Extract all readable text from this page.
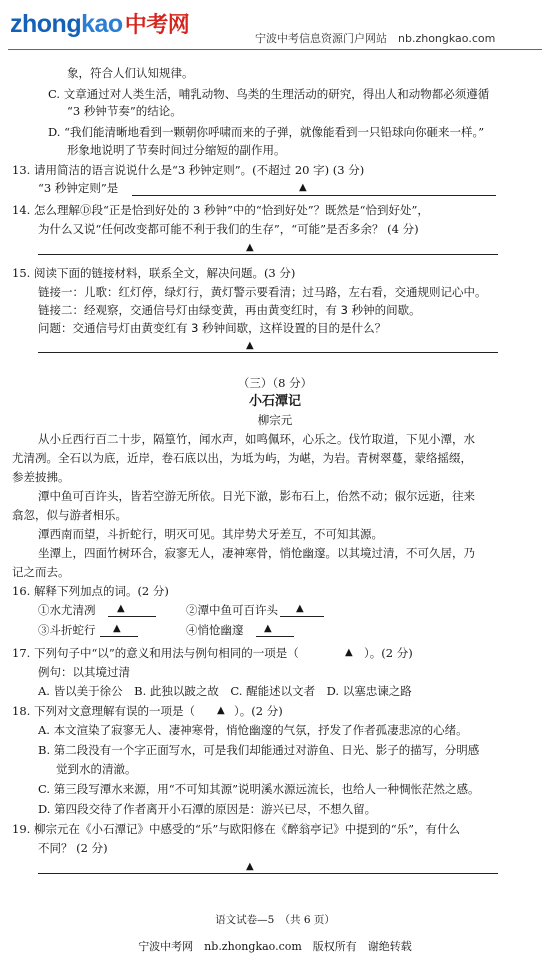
zhongkao中考网
宁波中考信息资源门户网站　nb.zhongkao.com
象，符合人们认知规律。
C. 文章通过对人类生活，哺乳动物、鸟类的生理活动的研究，得出人和动物都必须遵循
“3 秒钟节奏”的结论。
D. “我们能清晰地看到一颗朝你呼啸而来的子弹，就像能看到一只铅球向你砸来一样。”
形象地说明了节奏时间过分缩短的副作用。
13. 请用简洁的语言说说什么是“3 秒钟定则”。(不超过 20 字) (3 分)
“3 秒钟定则”是	▲
14. 怎么理解Ⓓ段“正是恰到好处的 3 秒钟”中的“恰到好处”？既然是“恰到好处”，
为什么又说“任何改变都可能不利于我们的生存”，“可能”是否多余？ (4 分)
▲
15. 阅读下面的链接材料，联系全文，解决问题。(3 分)
链接一：儿歌：红灯停，绿灯行，黄灯警示要看清；过马路，左右看，交通规则记心中。
链接二：经观察，交通信号灯由绿变黄，再由黄变红时，有 3 秒钟的间歇。
问题：交通信号灯由黄变红有 3 秒钟间歇，这样设置的目的是什么？
▲
（三）（8 分）
小石潭记
柳宗元
从小丘西行百二十步，隔篁竹，闻水声，如鸣佩环，心乐之。伐竹取道，下见小潭，水
尤清冽。全石以为底，近岸，卷石底以出，为坻为屿，为嵁，为岩。青树翠蔓，蒙络摇缀，
参差披拂。
潭中鱼可百许头，皆若空游无所依。日光下澈，影布石上，佁然不动；俶尔远逝，往来
翕忽，似与游者相乐。
潭西南而望，斗折蛇行，明灭可见。其岸势犬牙差互，不可知其源。
坐潭上，四面竹树环合，寂寥无人，凄神寒骨，悄怆幽邃。以其境过清，不可久居，乃
记之而去。
16. 解释下列加点的词。(2 分)
①水尤清冽 ▲	②潭中鱼可百许头 ▲
③斗折蛇行 ▲	④悄怆幽邃 ▲
17. 下列句子中“以”的意义和用法与例句相同的一项是（	▲ ）。(2 分)
例句：以其境过清
A. 皆以美于徐公　B. 此独以跛之故　C. 醒能述以文者　D. 以塞忠谏之路
18. 下列对文意理解有误的一项是（ ▲ ）。(2 分)
A. 本文渲染了寂寥无人、凄神寒骨，悄怆幽邃的气氛，抒发了作者孤凄悲凉的心绪。
B. 第二段没有一个字正面写水，可是我们却能通过对游鱼、日光、影子的描写，分明感
觉到水的清澈。
C. 第三段写潭水来源，用“不可知其源”说明溪水源远流长，也给人一种惆怅茫然之感。
D. 第四段交待了作者离开小石潭的原因是：游兴已尽，不想久留。
19. 柳宗元在《小石潭记》中感受的“乐”与欧阳修在《醉翁亭记》中提到的“乐”，有什么
不同？ (2 分)
▲
语文试卷—5　（共 6 页）
宁波中考网　nb.zhongkao.com　版权所有　谢绝转载
